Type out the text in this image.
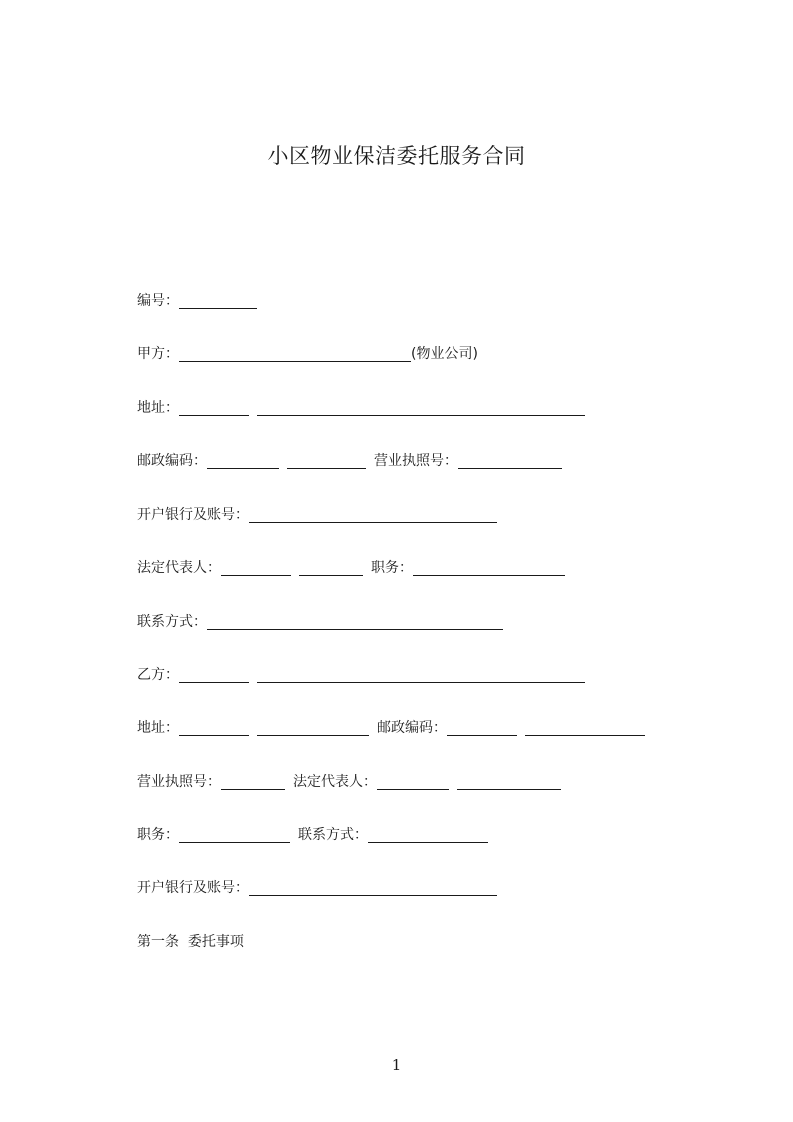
小区物业保洁委托服务合同
编号：
甲方：	(物业公司)
地址：
邮政编码：	营业执照号：
开户银行及账号：
法定代表人：	职务：
联系方式：
乙方：
地址：	邮政编码：
营业执照号：	法定代表人：
职务：	联系方式：
开户银行及账号：
第一条  委托事项
1
